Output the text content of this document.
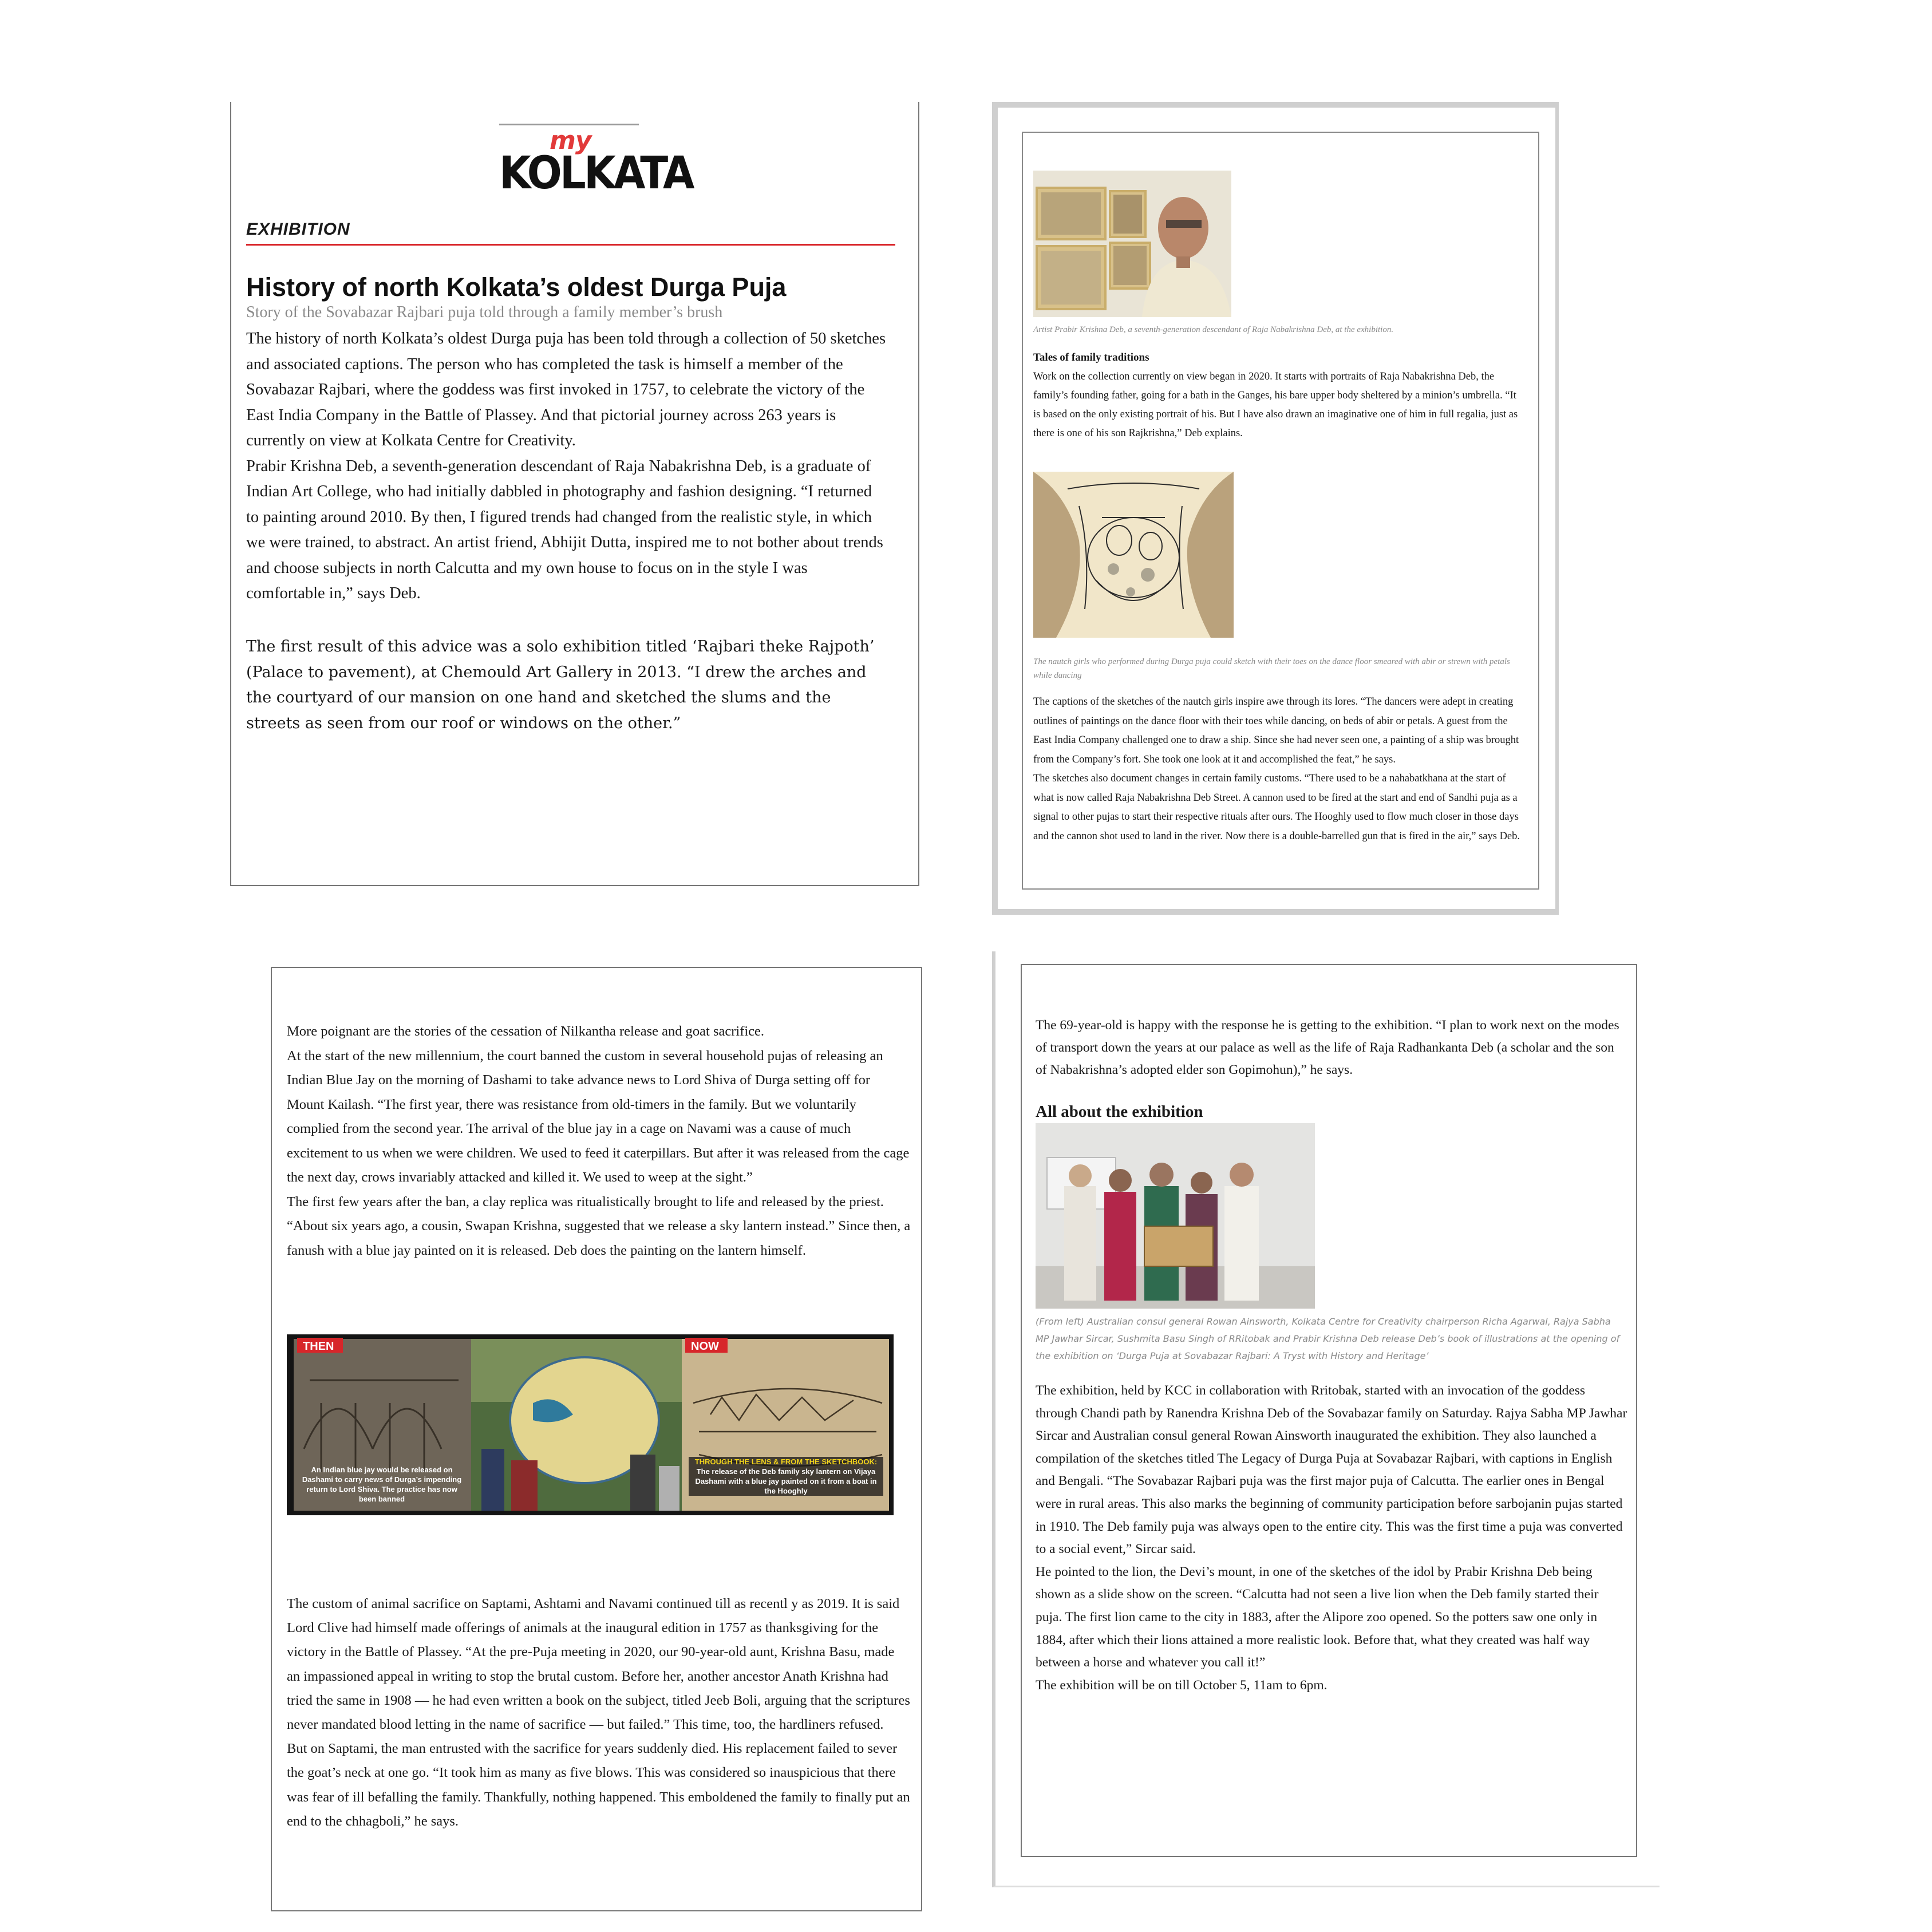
my
KOLKATA
EXHIBITION
History of north Kolkata’s oldest Durga Puja
Story of the Sovabazar Rajbari puja told through a family member’s brush

The history of north Kolkata’s oldest Durga puja has been told through a collection of 50 sketches and associated captions. The person who has completed the task is himself a member of the Sovabazar Rajbari, where the goddess was first invoked in 1757, to celebrate the victory of the East India Company in the Battle of Plassey. And that pictorial journey across 263 years is currently on view at Kolkata Centre for Creativity.

Prabir Krishna Deb, a seventh-generation descendant of Raja Nabakrishna Deb, is a graduate of Indian Art College, who had initially dabbled in photography and fashion designing. “I returned to painting around 2010. By then, I figured trends had changed from the realistic style, in which we were trained, to abstract. An artist friend, Abhijit Dutta, inspired me to not bother about trends and choose subjects in north Calcutta and my own house to focus on in the style I was comfortable in,” says Deb.

The first result of this advice was a solo exhibition titled ‘Rajbari theke Rajpoth’ (Palace to pavement), at Chemould Art Gallery in 2013. “I drew the arches and the courtyard of our mansion on one hand and sketched the slums and the streets as seen from our roof or windows on the other.”

Artist Prabir Krishna Deb, a seventh-generation descendant of Raja Nabakrishna Deb, at the exhibition.
Tales of family traditions

Work on the collection currently on view began in 2020. It starts with portraits of Raja Nabakrishna Deb, the family’s founding father, going for a bath in the Ganges, his bare upper body sheltered by a minion’s umbrella. “It is based on the only existing portrait of his. But I have also drawn an imaginative one of him in full regalia, just as there is one of his son Rajkrishna,” Deb explains.

The nautch girls who performed during Durga puja could sketch with their toes on the dance floor smeared with abir or strewn with petals while dancing

The captions of the sketches of the nautch girls inspire awe through its lores. “The dancers were adept in creating outlines of paintings on the dance floor with their toes while dancing, on beds of abir or petals. A guest from the East India Company challenged one to draw a ship. Since she had never seen one, a painting of a ship was brought from the Company’s fort. She took one look at it and accomplished the feat,” he says.

The sketches also document changes in certain family customs. “There used to be a nahabatkhana at the start of what is now called Raja Nabakrishna Deb Street. A cannon used to be fired at the start and end of Sandhi puja as a signal to other pujas to start their respective rituals after ours. The Hooghly used to flow much closer in those days and the cannon shot used to land in the river. Now there is a double-barrelled gun that is fired in the air,” says Deb.

More poignant are the stories of the cessation of Nilkantha release and goat sacrifice.

At the start of the new millennium, the court banned the custom in several household pujas of releasing an Indian Blue Jay on the morning of Dashami to take advance news to Lord Shiva of Durga setting off for Mount Kailash. “The first year, there was resistance from old-timers in the family. But we voluntarily complied from the second year. The arrival of the blue jay in a cage on Navami was a cause of much excitement to us when we were children. We used to feed it caterpillars. But after it was released from the cage the next day, crows invariably attacked and killed it. We used to weep at the sight.”

The first few years after the ban, a clay replica was ritualistically brought to life and released by the priest. “About six years ago, a cousin, Swapan Krishna, suggested that we release a sky lantern instead.” Since then, a fanush with a blue jay painted on it is released. Deb does the painting on the lantern himself.

THEN	NOW
An Indian blue jay would be released on Dashami to carry news of Durga’s impending return to Lord Shiva. The practice has now been banned
THROUGH THE LENS & FROM THE SKETCHBOOK: The release of the Deb family sky lantern on Vijaya Dashami with a blue jay painted on it from a boat in the Hooghly

The custom of animal sacrifice on Saptami, Ashtami and Navami continued till as recentl y as 2019. It is said Lord Clive had himself made offerings of animals at the inaugural edition in 1757 as thanksgiving for the victory in the Battle of Plassey. “At the pre-Puja meeting in 2020, our 90-year-old aunt, Krishna Basu, made an impassioned appeal in writing to stop the brutal custom. Before her, another ancestor Anath Krishna had tried the same in 1908 — he had even written a book on the subject, titled Jeeb Boli, arguing that the scriptures never mandated blood letting in the name of sacrifice — but failed.” This time, too, the hardliners refused.

But on Saptami, the man entrusted with the sacrifice for years suddenly died. His replacement failed to sever the goat’s neck at one go. “It took him as many as five blows. This was considered so inauspicious that there was fear of ill befalling the family. Thankfully, nothing happened. This emboldened the family to finally put an end to the chhagboli,” he says.

The 69-year-old is happy with the response he is getting to the exhibition. “I plan to work next on the modes of transport down the years at our palace as well as the life of Raja Radhankanta Deb (a scholar and the son of Nabakrishna’s adopted elder son Gopimohun),” he says.

All about the exhibition
(From left) Australian consul general Rowan Ainsworth, Kolkata Centre for Creativity chairperson Richa Agarwal, Rajya Sabha MP Jawhar Sircar, Sushmita Basu Singh of RRitobak and Prabir Krishna Deb release Deb’s book of illustrations at the opening of the exhibition on ‘Durga Puja at Sovabazar Rajbari: A Tryst with History and Heritage’

The exhibition, held by KCC in collaboration with Rritobak, started with an invocation of the goddess through Chandi path by Ranendra Krishna Deb of the Sovabazar family on Saturday. Rajya Sabha MP Jawhar Sircar and Australian consul general Rowan Ainsworth inaugurated the exhibition. They also launched a compilation of the sketches titled The Legacy of Durga Puja at Sovabazar Rajbari, with captions in English and Bengali. “The Sovabazar Rajbari puja was the first major puja of Calcutta. The earlier ones in Bengal were in rural areas. This also marks the beginning of community participation before sarbojanin pujas started in 1910. The Deb family puja was always open to the entire city. This was the first time a puja was converted to a social event,” Sircar said.

He pointed to the lion, the Devi’s mount, in one of the sketches of the idol by Prabir Krishna Deb being shown as a slide show on the screen. “Calcutta had not seen a live lion when the Deb family started their puja. The first lion came to the city in 1883, after the Alipore zoo opened. So the potters saw one only in 1884, after which their lions attained a more realistic look. Before that, what they created was half way between a horse and whatever you call it!”

The exhibition will be on till October 5, 11am to 6pm.
